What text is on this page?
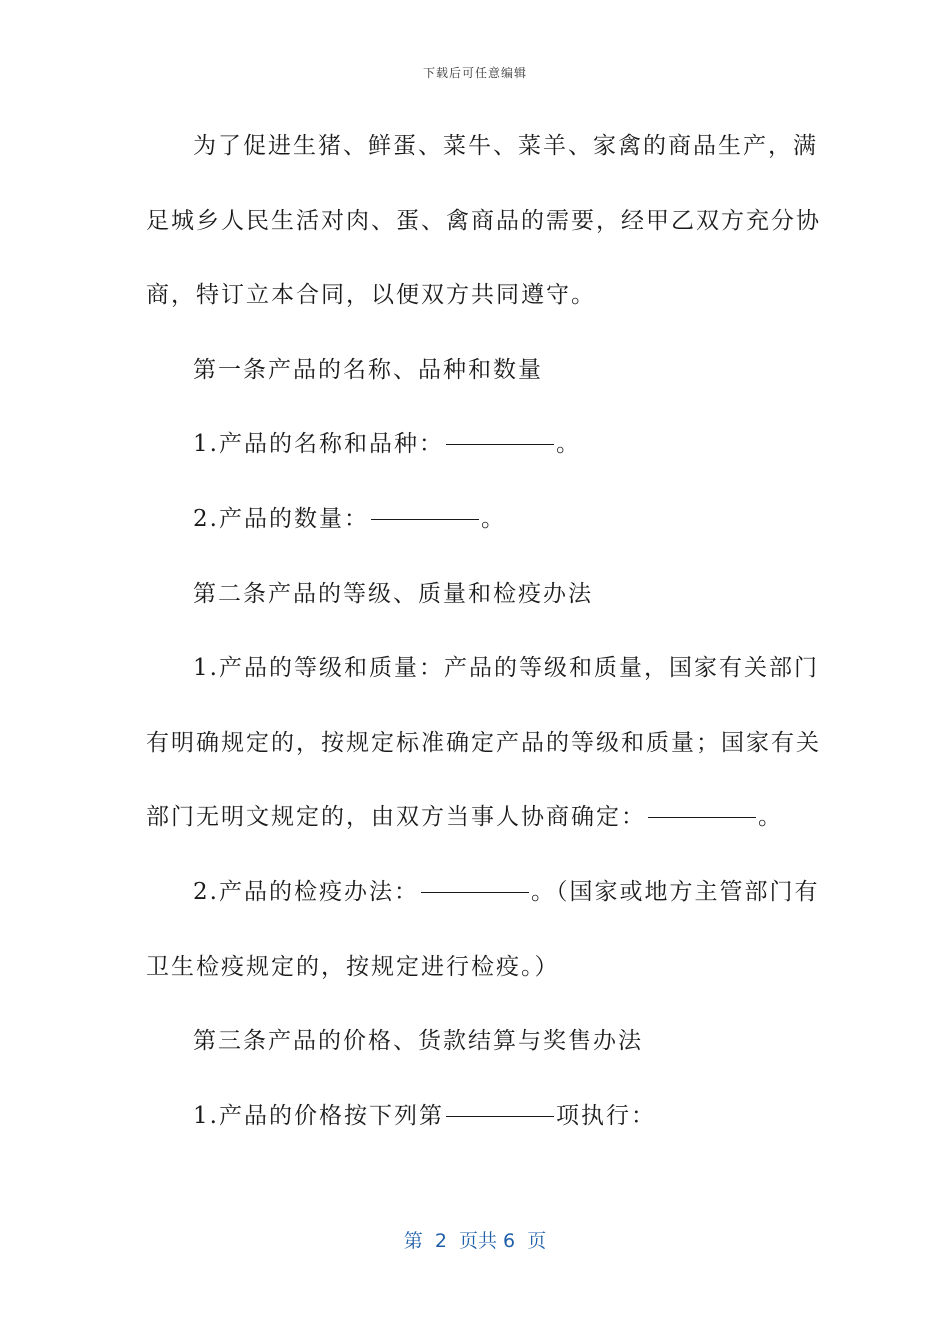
下载后可任意编辑
为了促进生猪、鲜蛋、菜牛、菜羊、家禽的商品生产，满
足城乡人民生活对肉、蛋、禽商品的需要，经甲乙双方充分协
商，特订立本合同，以便双方共同遵守。
第一条产品的名称、品种和数量
1.产品的名称和品种：	。
2.产品的数量：	。
第二条产品的等级、质量和检疫办法
1.产品的等级和质量：产品的等级和质量，国家有关部门
有明确规定的，按规定标准确定产品的等级和质量；国家有关
部门无明文规定的，由双方当事人协商确定：	。
2.产品的检疫办法：	。（国家或地方主管部门有
卫生检疫规定的，按规定进行检疫。）
第三条产品的价格、货款结算与奖售办法
1.产品的价格按下列第	项执行：
第  2  页共 6  页
